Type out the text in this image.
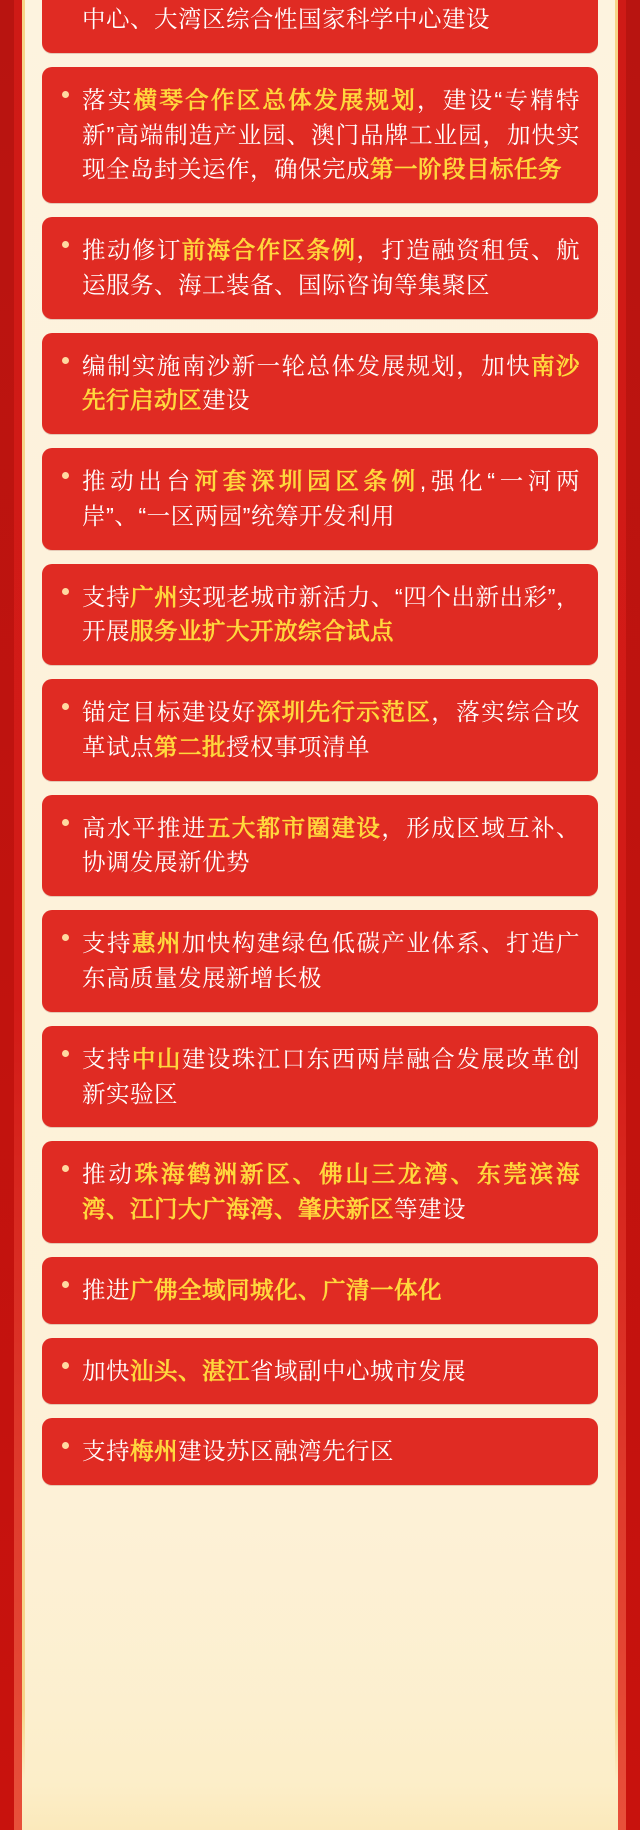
中心、大湾区综合性国家科学中心建设
落实横琴合作区总体发展规划，建设“专精特新”高端制造产业园、澳门品牌工业园，加快实现全岛封关运作，确保完成第一阶段目标任务
推动修订前海合作区条例，打造融资租赁、航运服务、海工装备、国际咨询等集聚区
编制实施南沙新一轮总体发展规划，加快南沙先行启动区建设
推动出台河套深圳园区条例,强化“一河两岸”、“一区两园”统筹开发利用
支持广州实现老城市新活力、“四个出新出彩”，开展服务业扩大开放综合试点
锚定目标建设好深圳先行示范区，落实综合改革试点第二批授权事项清单
高水平推进五大都市圈建设，形成区域互补、协调发展新优势
支持惠州加快构建绿色低碳产业体系、打造广东高质量发展新增长极
支持中山建设珠江口东西两岸融合发展改革创新实验区
推动珠海鹤洲新区、佛山三龙湾、东莞滨海湾、江门大广海湾、肇庆新区等建设
推进广佛全域同城化、广清一体化
加快汕头、湛江省域副中心城市发展
支持梅州建设苏区融湾先行区
